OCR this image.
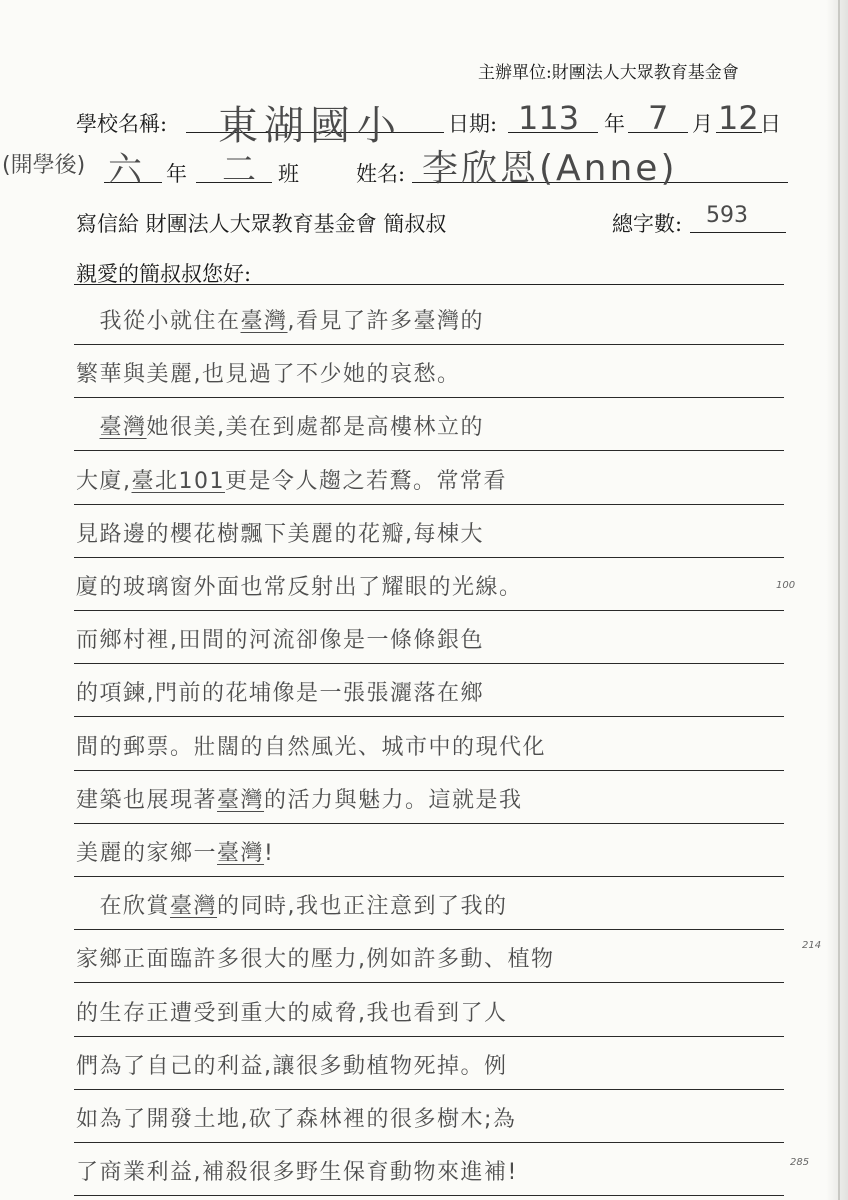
主辦單位:財團法人大眾教育基金會
學校名稱: 東湖國小 日期: 113 年 7 月 12 日
(開學後) 六 年 二 班	姓名: 李欣恩(Anne)
寫信給 財團法人大眾教育基金會 簡叔叔	總字數: 593
親愛的簡叔叔您好:
　我從小就住在臺灣,看見了許多臺灣的
繁華與美麗,也見過了不少她的哀愁。
　臺灣她很美,美在到處都是高樓林立的
大廈,臺北101更是令人趨之若鶩。常常看
見路邊的櫻花樹飄下美麗的花瓣,每棟大
廈的玻璃窗外面也常反射出了耀眼的光線。
而鄉村裡,田間的河流卻像是一條條銀色
的項鍊,門前的花埔像是一張張灑落在鄉
間的郵票。壯闊的自然風光、城市中的現代化
建築也展現著臺灣的活力與魅力。這就是我
美麗的家鄉一臺灣!
　在欣賞臺灣的同時,我也正注意到了我的
家鄉正面臨許多很大的壓力,例如許多動、植物
的生存正遭受到重大的威脅,我也看到了人
們為了自己的利益,讓很多動植物死掉。例
如為了開發土地,砍了森林裡的很多樹木;為
了商業利益,補殺很多野生保育動物來進補!
100
214
285
